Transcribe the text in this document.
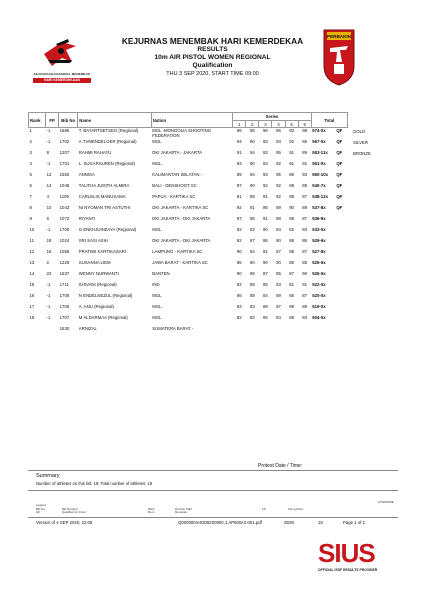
KEJUARAAN NASIONAL MENEMBAK
HARI KEMERDEKAAN
KEJURNAS MENEMBAK HARI KEMERDEKAA
RESULTS
10m AIR PISTOL WOMEN REGIONAL
Qualification
THU 3 SEP 2020, START TIME 09:00
PERBAKIN
Rank	FP	Bib No	Name	Nation	Series						Total	
					1	2	3	4	5	6		
1	-1	1686	T. BAYARTSETSEG (Regional)	MGL -MONGOLIA SHOOTING FEDERATION	96	95	96	96	93	98	574-0x	QF
2	-1	1702	A.TVMENDELGER (Regional)	MGL	94	90	93	93	92	95	557-0x	QF
3	8	1207	RAHMI RAHAYU	DKI JAKARTA - JAKARTA	91	94	93	95	91	89	553-11x	QF
4	-1	1701	L. SUGARSUREN (Regional)	MGL	93	90	93	92	91	92	551-0x	QF
5	12	1550	ANNISA	KALIMANTAN SELATAN -	89	94	93	95	86	93	550-10x	QF
6	14	1048	TALITHA JUDITH ALMIRA	BALI - DENSHOOT SC	87	90	92	92	89	89	540-7x	QF
7	4	1105	CARLELIS MANUSAMA	PAPUA - KARTIKA SC	91	89	91	92	88	87	538-12x	QF
8	10	1043	NI NYOMAN TRI ASTUTHI	DKI JAKARTA - KARTIKA SC	92	91	86	89	90	89	537-8x	QF
9	6	1072	RIYANTI	DKI JAKARTA - DKI JAKARTA	87	95	91	88	88	87	536-9x	
10	-1	1700	G.ENKHJUINZAYA (Regional)	MGL	92	92	90	94	82	83	533-0x	
11	18	1024	SRI SASI ASIH	DKI JAKARTA - DKI JAKARTA	92	87	86	90	88	86	529-6x	
12	16	1058	PRATIWI KARTIKASARI	LAMPUNG - KARTIKA SC	90	84	91	87	88	87	527-8x	
13	2	1229	SUSANNA LIEM	JAWA BARAT - KARTIKA SC	86	90	90	90	85	85	526-5x	
14	22	1637	WENNY NURWANTI	BANTEN	90	86	87	85	87	90	526-5x	
15	-1	1711	SHIVANI (Regional)	IND	92	89	85	83	81	91	522-0x	
16	-1	1708	N ENDELNEZUL (Regional)	MGL	86	88	84	89	86	87	520-0x	
17	-1	1705	A. ANU (Regional)	MGL	83	83	88	87	89	89	519-0x	
18	-1	1707	M ALDARMAA (Regional)	MGL	82	82	85	84	88	83	504-0x	
		1630	ARNIZAL	SUMATERA BARAT -								
GOLD
SILVER
BRONZE
Protest Date / Time:
Summary
Number of athletes on this list: 19; Total number of athletes: 19
Legend
Bib No
QF
Bib Number
Qualified for Final
DNS
Rem
Did Not Start
Remarks
FP	Firing Point
A7WAS09E
Version of 4 SEP 2020, 22:06	Q000000IA0309200900.1.AP60W.0.001.pdf	2E80	18	Page 1 of 1
SIUS
OFFICIAL ISSF RESULTS PROVIDER
